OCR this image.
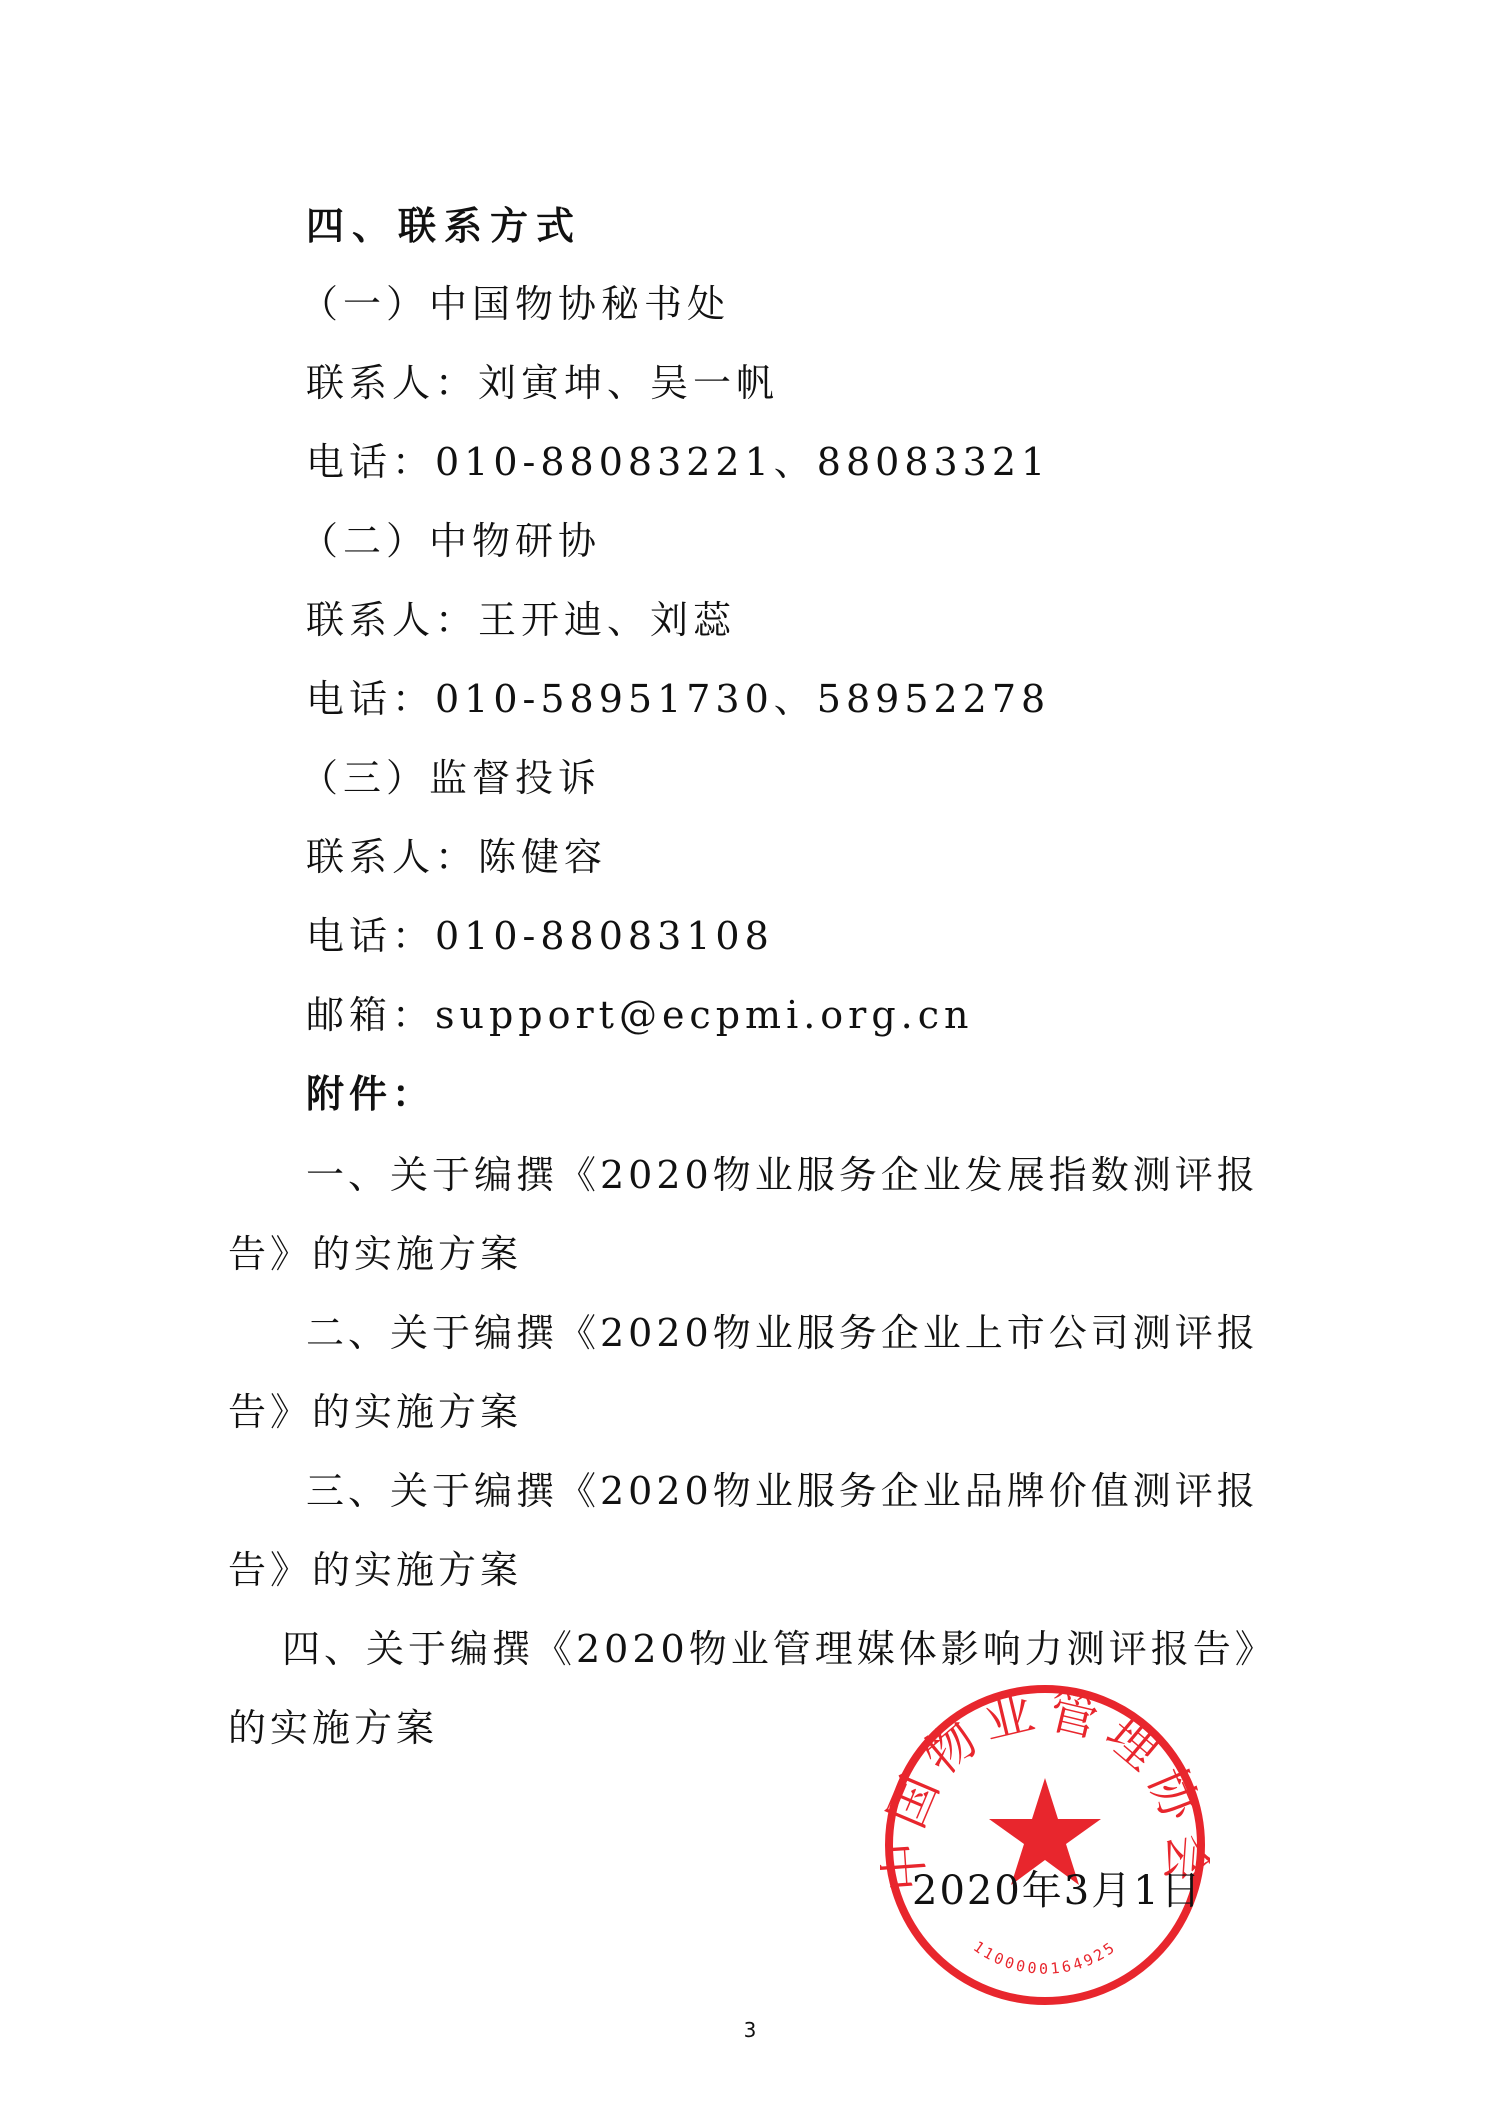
四、联系方式
（一）中国物协秘书处
联系人：刘寅坤、吴一帆
电话：010-88083221、88083321
（二）中物研协
联系人：王开迪、刘蕊
电话：010-58951730、58952278
（三）监督投诉
联系人：陈健容
电话：010-88083108
邮箱：support@ecpmi.org.cn
附件：
一、关于编撰《2020物业服务企业发展指数测评报告》的实施方案
二、关于编撰《2020物业服务企业上市公司测评报告》的实施方案
三、关于编撰《2020物业服务企业品牌价值测评报告》的实施方案
四、关于编撰《2020物业管理媒体影响力测评报告》的实施方案
国物业管理协
1100000164925
2020年3月1日
3
